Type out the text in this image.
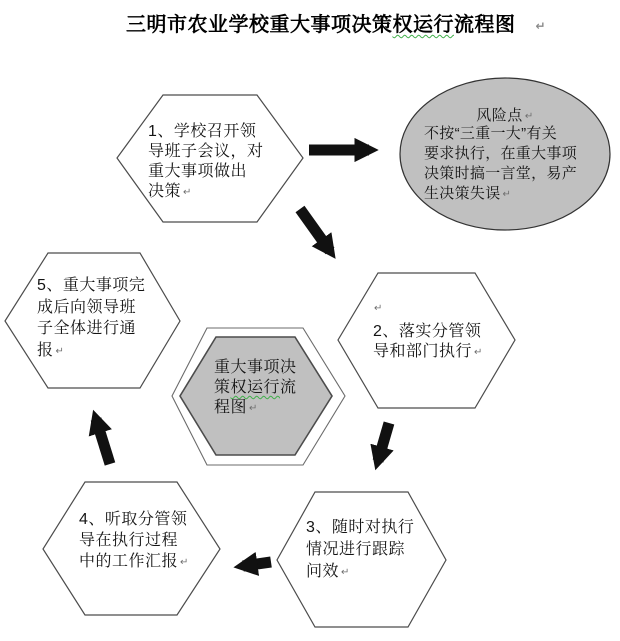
三明市农业学校重大事项决策权运行流程图 ↵
1、学校召开领
导班子会议，对
重大事项做出
决策 ↵
风险点 ↵
不按“三重一大”有关
要求执行，在重大事项
决策时搞一言堂，易产
生决策失误 ↵
↵
2、落实分管领
导和部门执行 ↵
重大事项决
策权运行流
程图 ↵
3、随时对执行
情况进行跟踪
问效 ↵
4、听取分管领
导在执行过程
中的工作汇报 ↵
5、重大事项完
成后向领导班
子全体进行通
报 ↵
